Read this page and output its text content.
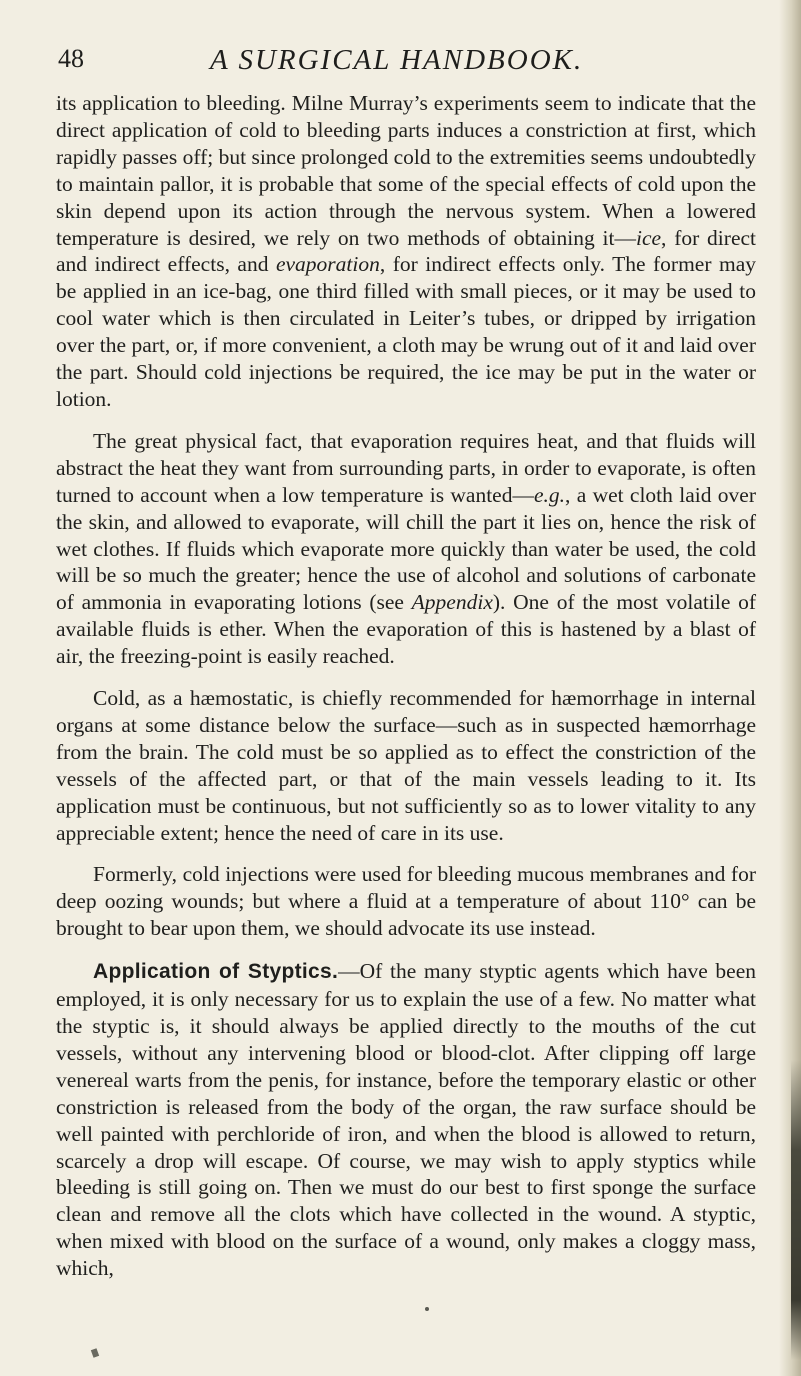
48	A SURGICAL HANDBOOK.

its application to bleeding. Milne Murray’s experiments seem to indicate that the direct application of cold to bleeding parts induces a constriction at first, which rapidly passes off; but since prolonged cold to the extremities seems undoubtedly to maintain pallor, it is probable that some of the special effects of cold upon the skin depend upon its action through the nervous system. When a lowered temperature is desired, we rely on two methods of obtaining it—ice, for direct and indirect effects, and evaporation, for indirect effects only. The former may be applied in an ice-bag, one third filled with small pieces, or it may be used to cool water which is then circulated in Leiter’s tubes, or dripped by irrigation over the part, or, if more convenient, a cloth may be wrung out of it and laid over the part. Should cold injections be required, the ice may be put in the water or lotion.

The great physical fact, that evaporation requires heat, and that fluids will abstract the heat they want from surrounding parts, in order to evaporate, is often turned to account when a low temperature is wanted—e.g., a wet cloth laid over the skin, and allowed to evaporate, will chill the part it lies on, hence the risk of wet clothes. If fluids which evaporate more quickly than water be used, the cold will be so much the greater; hence the use of alcohol and solutions of carbonate of ammonia in evaporating lotions (see Appendix). One of the most volatile of available fluids is ether. When the evaporation of this is hastened by a blast of air, the freezing-point is easily reached.

Cold, as a hæmostatic, is chiefly recommended for hæmorrhage in internal organs at some distance below the surface—such as in suspected hæmorrhage from the brain. The cold must be so applied as to effect the constriction of the vessels of the affected part, or that of the main vessels leading to it. Its application must be continuous, but not sufficiently so as to lower vitality to any appreciable extent; hence the need of care in its use.

Formerly, cold injections were used for bleeding mucous membranes and for deep oozing wounds; but where a fluid at a temperature of about 110° can be brought to bear upon them, we should advocate its use instead.

Application of Styptics.—Of the many styptic agents which have been employed, it is only necessary for us to explain the use of a few. No matter what the styptic is, it should always be applied directly to the mouths of the cut vessels, without any intervening blood or blood-clot. After clipping off large venereal warts from the penis, for instance, before the temporary elastic or other constriction is released from the body of the organ, the raw surface should be well painted with perchloride of iron, and when the blood is allowed to return, scarcely a drop will escape. Of course, we may wish to apply styptics while bleeding is still going on. Then we must do our best to first sponge the surface clean and remove all the clots which have collected in the wound. A styptic, when mixed with blood on the surface of a wound, only makes a cloggy mass, which,
